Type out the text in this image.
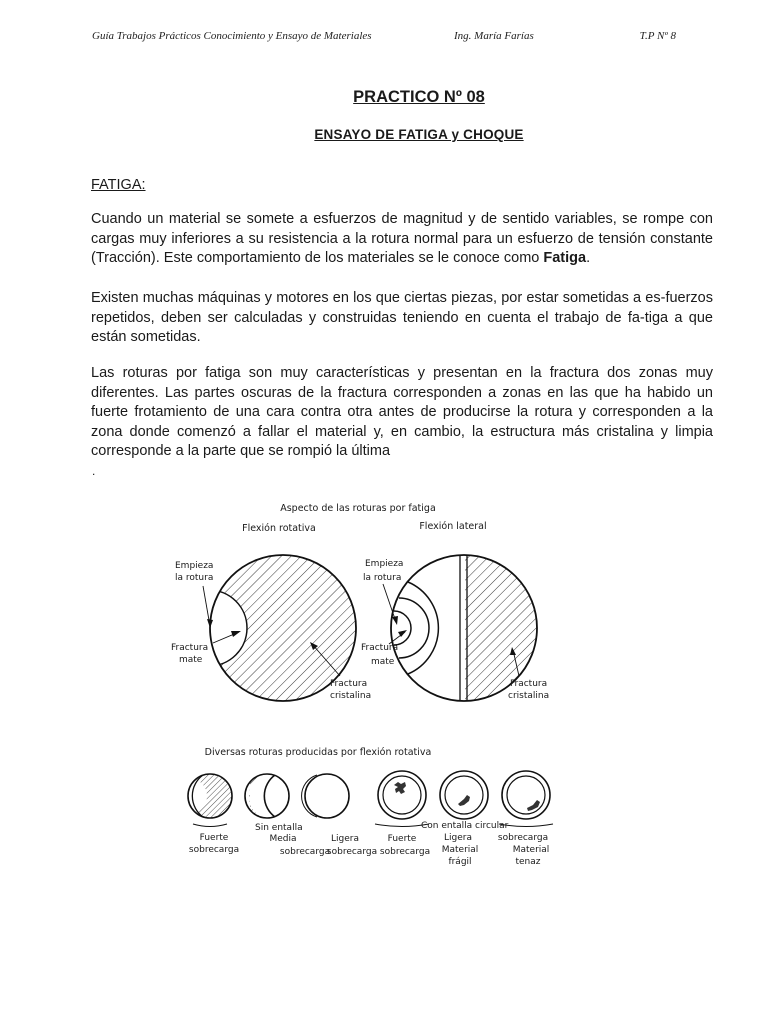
Guía Trabajos Prácticos Conocimiento y Ensayo de Materiales	Ing. María Farías	T.P Nº 8
PRACTICO Nº 08
ENSAYO DE FATIGA y CHOQUE
FATIGA:

Cuando un material se somete a esfuerzos de magnitud y de sentido variables, se rompe con cargas muy inferiores a su resistencia a la rotura normal para un esfuerzo de tensión constante (Tracción). Este comportamiento de los materiales se le conoce como Fatiga.

Existen muchas máquinas y motores en los que ciertas piezas, por estar sometidas a es-fuerzos repetidos, deben ser calculadas y construidas teniendo en cuenta el trabajo de fa-tiga a que están sometidas.

Las roturas por fatiga son muy características y presentan en la fractura dos zonas muy diferentes. Las partes oscuras de la fractura corresponden a zonas en las que ha habido un fuerte frotamiento de una cara contra otra antes de producirse la rotura y corresponden a la zona donde comenzó a fallar el material y, en cambio, la estructura más cristalina y limpia corresponde a la parte que se rompió la última

.
Aspecto de las roturas por fatiga
Flexión rotativa	Flexión lateral
Empieza
la rotura
Fractura
mate
Fractura
cristalina
Empieza
la rotura
Fractura
mate
Fractura
cristalina
Diversas roturas producidas por flexión rotativa
Sin entalla	Con entalla circular
Fuerte
sobrecarga
Media
sobrecarga
Ligera
sobrecarga
Fuerte
sobrecarga
Ligera
Material
frágil
sobrecarga
Material
tenaz
